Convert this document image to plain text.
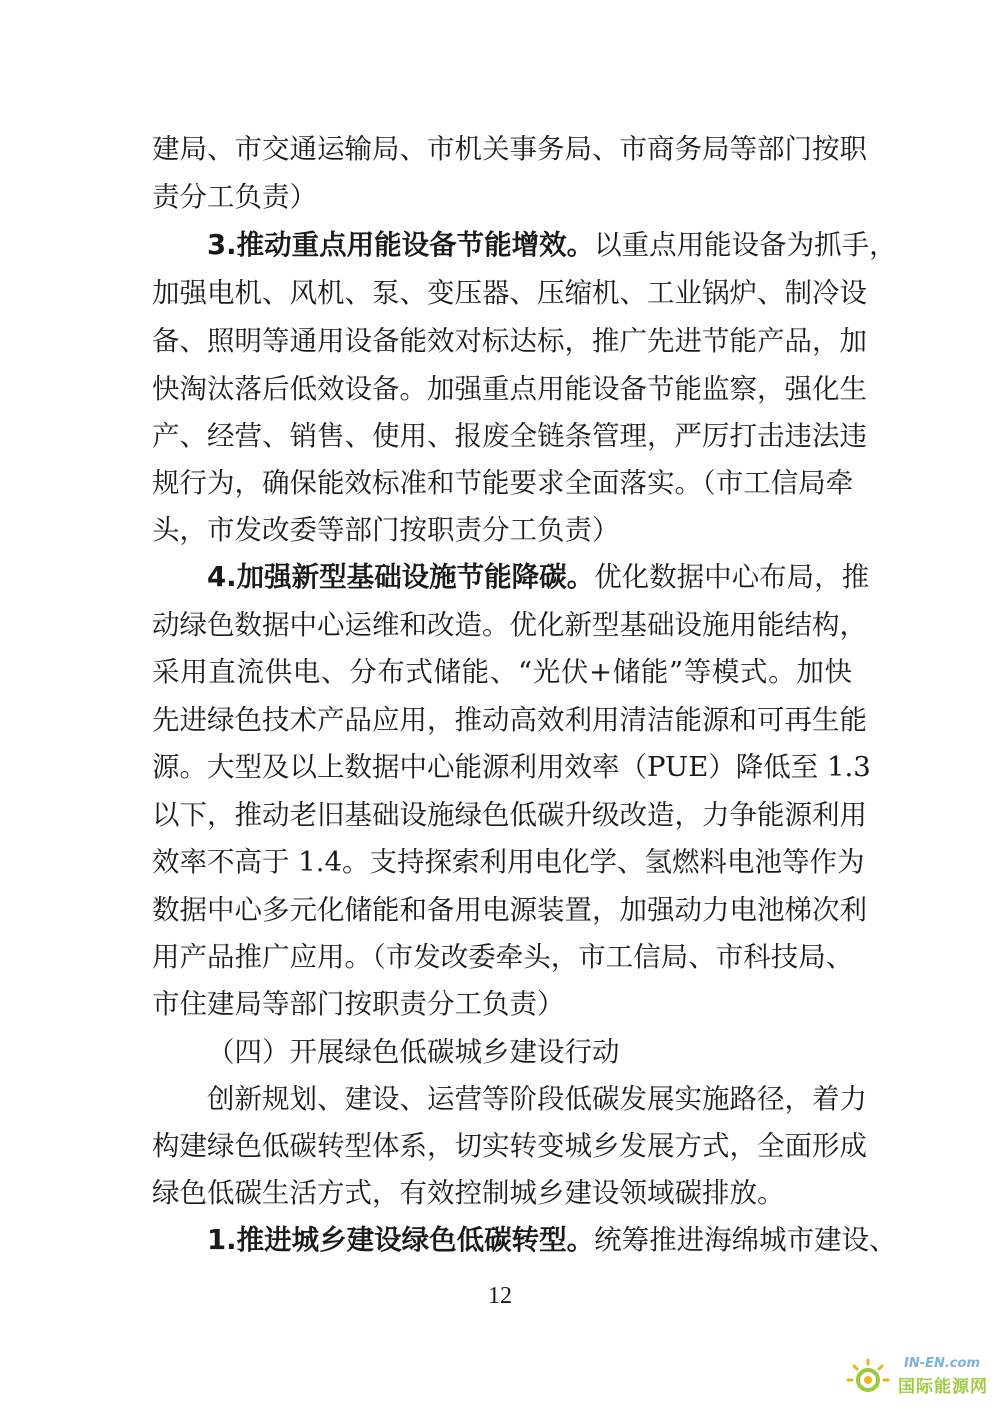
建局、市交通运输局、市机关事务局、市商务局等部门按职
责分工负责）
3.推动重点用能设备节能增效。以重点用能设备为抓手，
加强电机、风机、泵、变压器、压缩机、工业锅炉、制冷设
备、照明等通用设备能效对标达标，推广先进节能产品，加
快淘汰落后低效设备。加强重点用能设备节能监察，强化生
产、经营、销售、使用、报废全链条管理，严厉打击违法违
规行为，确保能效标准和节能要求全面落实。（市工信局牵
头，市发改委等部门按职责分工负责）
4.加强新型基础设施节能降碳。优化数据中心布局，推
动绿色数据中心运维和改造。优化新型基础设施用能结构，
采用直流供电、分布式储能、“光伏+储能”等模式。加快
先进绿色技术产品应用，推动高效利用清洁能源和可再生能
源。大型及以上数据中心能源利用效率（PUE）降低至 1.3
以下，推动老旧基础设施绿色低碳升级改造，力争能源利用
效率不高于 1.4。支持探索利用电化学、氢燃料电池等作为
数据中心多元化储能和备用电源装置，加强动力电池梯次利
用产品推广应用。（市发改委牵头，市工信局、市科技局、
市住建局等部门按职责分工负责）
（四）开展绿色低碳城乡建设行动
创新规划、建设、运营等阶段低碳发展实施路径，着力
构建绿色低碳转型体系，切实转变城乡发展方式，全面形成
绿色低碳生活方式，有效控制城乡建设领域碳排放。
1.推进城乡建设绿色低碳转型。统筹推进海绵城市建设、
12
IN-EN.com
国际能源网
